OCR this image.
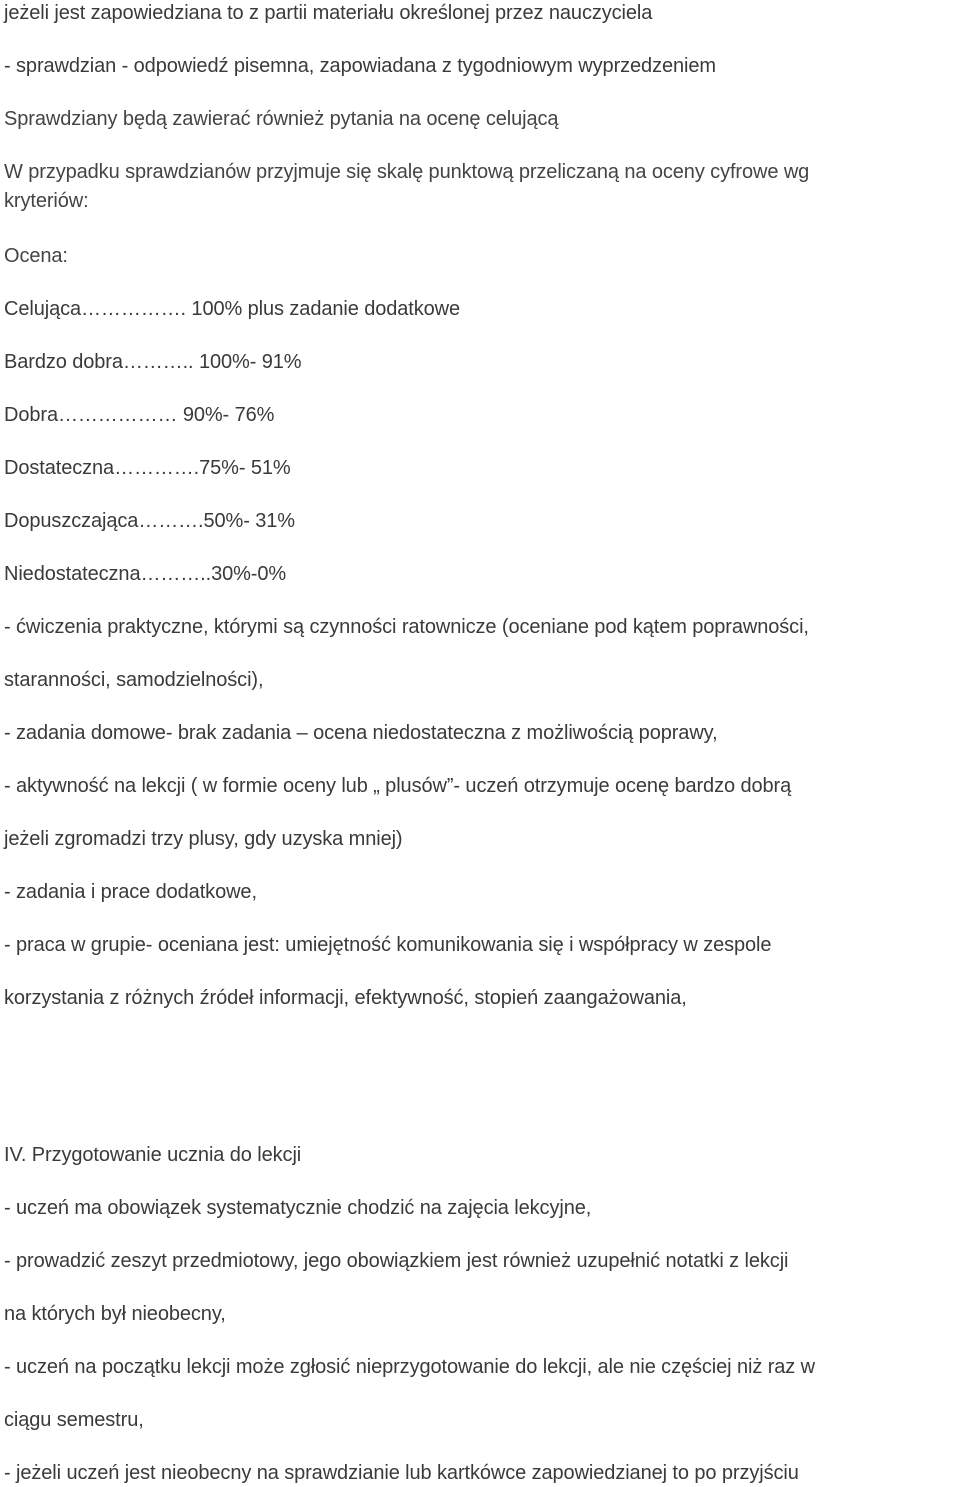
jeżeli jest zapowiedziana to z partii materiału określonej przez nauczyciela
- sprawdzian - odpowiedź pisemna, zapowiadana z tygodniowym wyprzedzeniem
Sprawdziany będą zawierać również pytania na ocenę celującą
W przypadku sprawdzianów przyjmuje się skalę punktową przeliczaną na oceny cyfrowe wg
kryteriów:
Ocena:
Celująca……………. 100% plus zadanie dodatkowe
Bardzo dobra……….. 100%- 91%
Dobra……………… 90%- 76%
Dostateczna………….75%- 51%
Dopuszczająca……….50%- 31%
Niedostateczna………..30%-0%
- ćwiczenia praktyczne, którymi są czynności ratownicze (oceniane pod kątem poprawności,
staranności, samodzielności),
- zadania domowe- brak zadania – ocena niedostateczna z możliwością poprawy,
- aktywność na lekcji ( w formie oceny lub „ plusów”- uczeń otrzymuje ocenę bardzo dobrą
jeżeli zgromadzi trzy plusy, gdy uzyska mniej)
- zadania i prace dodatkowe,
- praca w grupie- oceniana jest: umiejętność komunikowania się i współpracy w zespole
korzystania z różnych źródeł informacji, efektywność, stopień zaangażowania,
IV. Przygotowanie ucznia do lekcji
- uczeń ma obowiązek systematycznie chodzić na zajęcia lekcyjne,
- prowadzić zeszyt przedmiotowy, jego obowiązkiem jest również uzupełnić notatki z lekcji
na których był nieobecny,
- uczeń na początku lekcji może zgłosić nieprzygotowanie do lekcji, ale nie częściej niż raz w
ciągu semestru,
- jeżeli uczeń jest nieobecny na sprawdzianie lub kartkówce zapowiedzianej to po przyjściu
